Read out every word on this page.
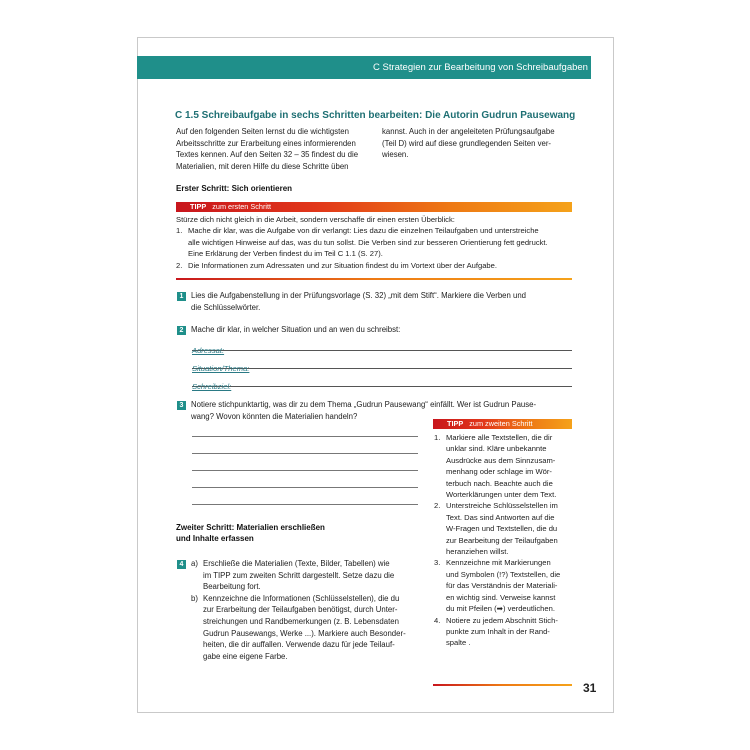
C Strategien zur Bearbeitung von Schreibaufgaben
C 1.5 Schreibaufgabe in sechs Schritten bearbeiten: Die Autorin Gudrun Pausewang
Auf den folgenden Seiten lernst du die wichtigsten
Arbeitsschritte zur Erarbeitung eines informierenden
Textes kennen. Auf den Seiten 32 – 35 findest du die
Materialien, mit deren Hilfe du diese Schritte üben
kannst. Auch in der angeleiteten Prüfungsaufgabe
(Teil D) wird auf diese grundlegenden Seiten ver-
wiesen.
Erster Schritt: Sich orientieren
TIPP zum ersten Schritt

Stürze dich nicht gleich in die Arbeit, sondern verschaffe dir einen ersten Überblick:

1. Mache dir klar, was die Aufgabe von dir verlangt: Lies dazu die einzelnen Teilaufgaben und unterstreiche
alle wichtigen Hinweise auf das, was du tun sollst. Die Verben sind zur besseren Orientierung fett gedruckt.
Eine Erklärung der Verben findest du im Teil C 1.1 (S. 27).
2. Die Informationen zum Adressaten und zur Situation findest du im Vortext über der Aufgabe.
1 Lies die Aufgabenstellung in der Prüfungsvorlage (S. 32) „mit dem Stift“. Markiere die Verben und
die Schlüsselwörter.
2 Mache dir klar, in welcher Situation und an wen du schreibst:
Adressat:
Situation/Thema:
Schreibziel:
3 Notiere stichpunktartig, was dir zu dem Thema „Gudrun Pausewang“ einfällt. Wer ist Gudrun Pause-
wang? Wovon könnten die Materialien handeln?
Zweiter Schritt: Materialien erschließen
und Inhalte erfassen
4 a) Erschließe die Materialien (Texte, Bilder, Tabellen) wie
im TIPP zum zweiten Schritt dargestellt. Setze dazu die
Bearbeitung fort.
b) Kennzeichne die Informationen (Schlüsselstellen), die du
zur Erarbeitung der Teilaufgaben benötigst, durch Unter-
streichungen und Randbemerkungen (z. B. Lebensdaten
Gudrun Pausewangs, Werke ...). Markiere auch Besonder-
heiten, die dir auffallen. Verwende dazu für jede Teilauf-
gabe eine eigene Farbe.
TIPP zum zweiten Schritt
1. Markiere alle Textstellen, die dir
unklar sind. Kläre unbekannte
Ausdrücke aus dem Sinnzusam-
menhang oder schlage im Wör-
terbuch nach. Beachte auch die
Worterklärungen unter dem Text.
2. Unterstreiche Schlüsselstellen im
Text. Das sind Antworten auf die
W-Fragen und Textstellen, die du
zur Bearbeitung der Teilaufgaben
heranziehen willst.
3. Kennzeichne mit Markierungen
und Symbolen (!?) Textstellen, die
für das Verständnis der Materiali-
en wichtig sind. Verweise kannst
du mit Pfeilen (➡) verdeutlichen.
4. Notiere zu jedem Abschnitt Stich-
punkte zum Inhalt in der Rand-
spalte .
31
